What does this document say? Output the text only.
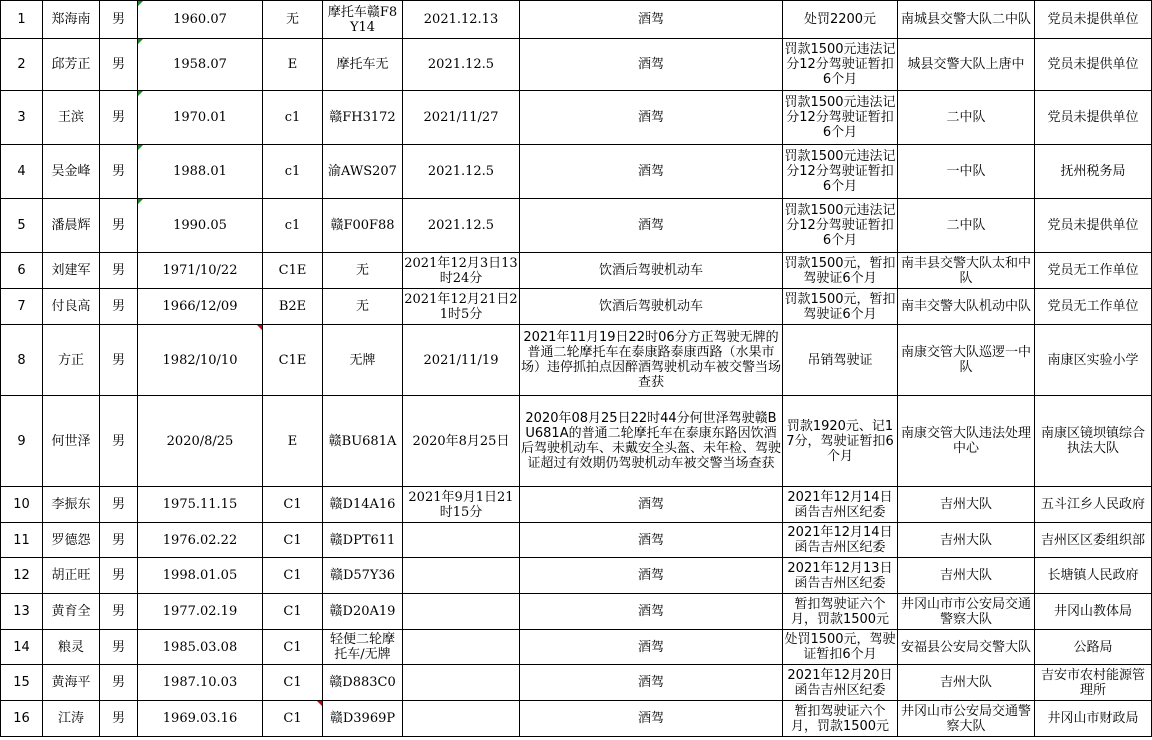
1	郑海南	男	1960.07	无	摩托车赣F8Y14	2021.12.13	酒驾	处罚2200元	南城县交警大队二中队	党员未提供单位
2	邱芳正	男	1958.07	E	摩托车无	2021.12.5	酒驾	罚款1500元违法记分12分驾驶证暂扣6个月	城县交警大队上唐中	党员未提供单位
3	王滨	男	1970.01	c1	赣FH3172	2021/11/27	酒驾	罚款1500元违法记分12分驾驶证暂扣6个月	二中队	党员未提供单位
4	吴金峰	男	1988.01	c1	渝AWS207	2021.12.5	酒驾	罚款1500元违法记分12分驾驶证暂扣6个月	一中队	抚州税务局
5	潘晨辉	男	1990.05	c1	赣F00F88	2021.12.5	酒驾	罚款1500元违法记分12分驾驶证暂扣6个月	二中队	党员未提供单位
6	刘建军	男	1971/10/22	C1E	无	2021年12月3日13时24分	饮酒后驾驶机动车	罚款1500元，暂扣驾驶证6个月	南丰县交警大队太和中队	党员无工作单位
7	付良高	男	1966/12/09	B2E	无	2021年12月21日21时5分	饮酒后驾驶机动车	罚款1500元，暂扣驾驶证6个月	南丰交警大队机动中队	党员无工作单位
8	方正	男	1982/10/10	C1E	无牌	2021/11/19	2021年11月19日22时06分方正驾驶无牌的普通二轮摩托车在泰康路泰康西路（水果市场）违停抓拍点因醉酒驾驶机动车被交警当场查获	吊销驾驶证	南康交管大队巡逻一中队	南康区实验小学
9	何世泽	男	2020/8/25	E	赣BU681A	2020年8月25日	2020年08月25日22时44分何世泽驾驶赣BU681A的普通二轮摩托车在泰康东路因饮酒后驾驶机动车、未戴安全头盔、未年检、驾驶证超过有效期仍驾驶机动车被交警当场查获	罚款1920元、记17分，驾驶证暂扣6个月	南康交管大队违法处理中心	南康区镜坝镇综合执法大队
10	李振东	男	1975.11.15	C1	赣D14A16	2021年9月1日21时15分	酒驾	2021年12月14日函告吉州区纪委	吉州大队	五斗江乡人民政府
11	罗德怨	男	1976.02.22	C1	赣DPT611		酒驾	2021年12月14日函告吉州区纪委	吉州大队	吉州区区委组织部
12	胡正旺	男	1998.01.05	C1	赣D57Y36		酒驾	2021年12月13日函告吉州区纪委	吉州大队	长塘镇人民政府
13	黄育全	男	1977.02.19	C1	赣D20A19		酒驾	暂扣驾驶证六个月，罚款1500元	井冈山市市公安局交通警察大队	井冈山教体局
14	粮灵	男	1985.03.08	C1	轻便二轮摩托车/无牌		酒驾	处罚1500元，驾驶证暂扣6个月	安福县公安局交警大队	公路局
15	黄海平	男	1987.10.03	C1	赣D883C0		酒驾	2021年12月20日函告吉州区纪委	吉州大队	吉安市农村能源管理所
16	江涛	男	1969.03.16	C1	赣D3969P		酒驾	暂扣驾驶证六个月，罚款1500元	井冈山市公安局交通警察大队	井冈山市财政局
